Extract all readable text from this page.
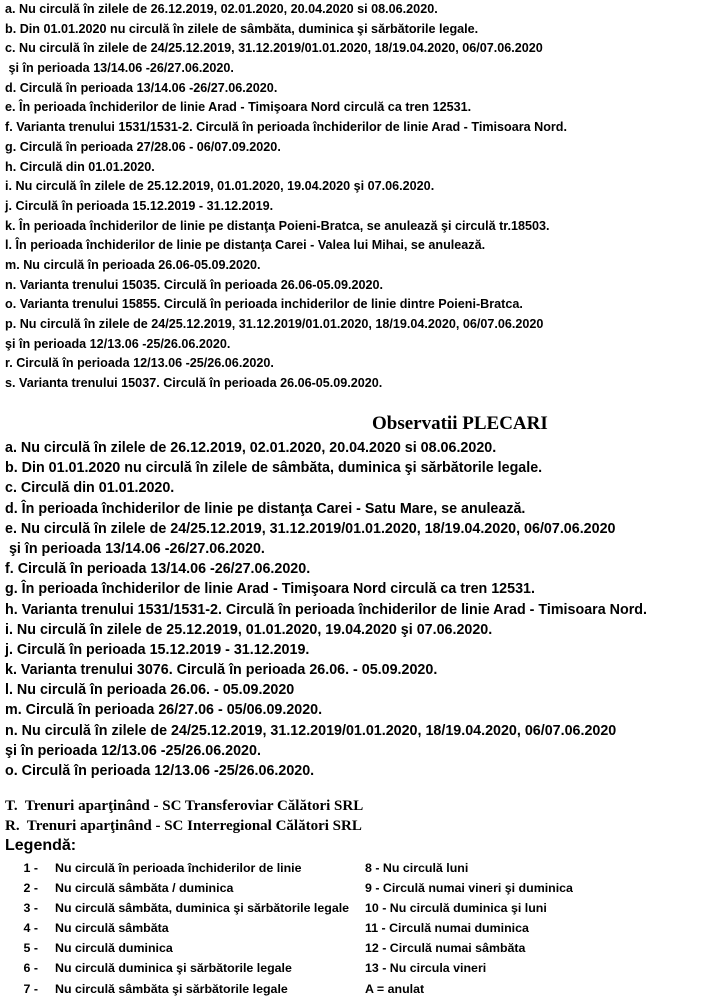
a. Nu circulă în zilele de 26.12.2019, 02.01.2020, 20.04.2020 si 08.06.2020.
b. Din 01.01.2020 nu circulă în zilele de sâmbăta, duminica şi sărbătorile legale.
c. Nu circulă în zilele de 24/25.12.2019, 31.12.2019/01.01.2020, 18/19.04.2020, 06/07.06.2020
şi în perioada 13/14.06 -26/27.06.2020.
d. Circulă în perioada 13/14.06 -26/27.06.2020.
e. În perioada închiderilor de linie Arad - Timişoara Nord circulă ca tren 12531.
f. Varianta trenului 1531/1531-2. Circulă în perioada închiderilor de linie Arad - Timisoara Nord.
g. Circulă în perioada 27/28.06 - 06/07.09.2020.
h. Circulă din 01.01.2020.
i. Nu circulă în zilele de 25.12.2019, 01.01.2020, 19.04.2020 şi 07.06.2020.
j. Circulă în perioada 15.12.2019 - 31.12.2019.
k. În perioada închiderilor de linie pe distanţa Poieni-Bratca, se anulează şi circulă tr.18503.
l. În perioada închiderilor de linie pe distanţa Carei - Valea lui Mihai, se anulează.
m. Nu circulă în perioada 26.06-05.09.2020.
n. Varianta trenului 15035. Circulă în perioada 26.06-05.09.2020.
o. Varianta trenului 15855. Circulă în perioada inchiderilor de linie dintre Poieni-Bratca.
p. Nu circulă în zilele de 24/25.12.2019, 31.12.2019/01.01.2020, 18/19.04.2020, 06/07.06.2020
şi în perioada 12/13.06 -25/26.06.2020.
r. Circulă în perioada 12/13.06 -25/26.06.2020.
s. Varianta trenului 15037. Circulă în perioada 26.06-05.09.2020.
Observatii PLECARI
a. Nu circulă în zilele de 26.12.2019, 02.01.2020, 20.04.2020 si 08.06.2020.
b. Din 01.01.2020 nu circulă în zilele de sâmbăta, duminica şi sărbătorile legale.
c. Circulă din 01.01.2020.
d. În perioada închiderilor de linie pe distanţa Carei - Satu Mare, se anulează.
e. Nu circulă în zilele de 24/25.12.2019, 31.12.2019/01.01.2020, 18/19.04.2020, 06/07.06.2020
şi în perioada 13/14.06 -26/27.06.2020.
f. Circulă în perioada 13/14.06 -26/27.06.2020.
g. În perioada închiderilor de linie Arad - Timişoara Nord circulă ca tren 12531.
h. Varianta trenului 1531/1531-2. Circulă în perioada închiderilor de linie Arad - Timisoara Nord.
i. Nu circulă în zilele de 25.12.2019, 01.01.2020, 19.04.2020 şi 07.06.2020.
j. Circulă în perioada 15.12.2019 - 31.12.2019.
k. Varianta trenului 3076. Circulă în perioada 26.06. - 05.09.2020.
l. Nu circulă în perioada 26.06. - 05.09.2020
m. Circulă în perioada 26/27.06 - 05/06.09.2020.
n. Nu circulă în zilele de 24/25.12.2019, 31.12.2019/01.01.2020, 18/19.04.2020, 06/07.06.2020
şi în perioada 12/13.06 -25/26.06.2020.
o. Circulă în perioada 12/13.06 -25/26.06.2020.
T.  Trenuri aparţinând - SC Transferoviar Călători SRL
R.  Trenuri aparţinând - SC Interregional Călători SRL
Legendă:
1 - Nu circulă în perioada închiderilor de linie	8 - Nu circulă luni
2 - Nu circulă sâmbăta / duminica	9 - Circulă numai vineri şi duminica
3 - Nu circulă sâmbăta, duminica şi sărbătorile legale	10 - Nu circulă duminica şi luni
4 - Nu circulă sâmbăta	11 - Circulă numai duminica
5 - Nu circulă duminica	12 - Circulă numai sâmbăta
6 - Nu circulă duminica şi sărbătorile legale	13 - Nu circula vineri
7 - Nu circulă sâmbăta şi sărbătorile legale	A = anulat
